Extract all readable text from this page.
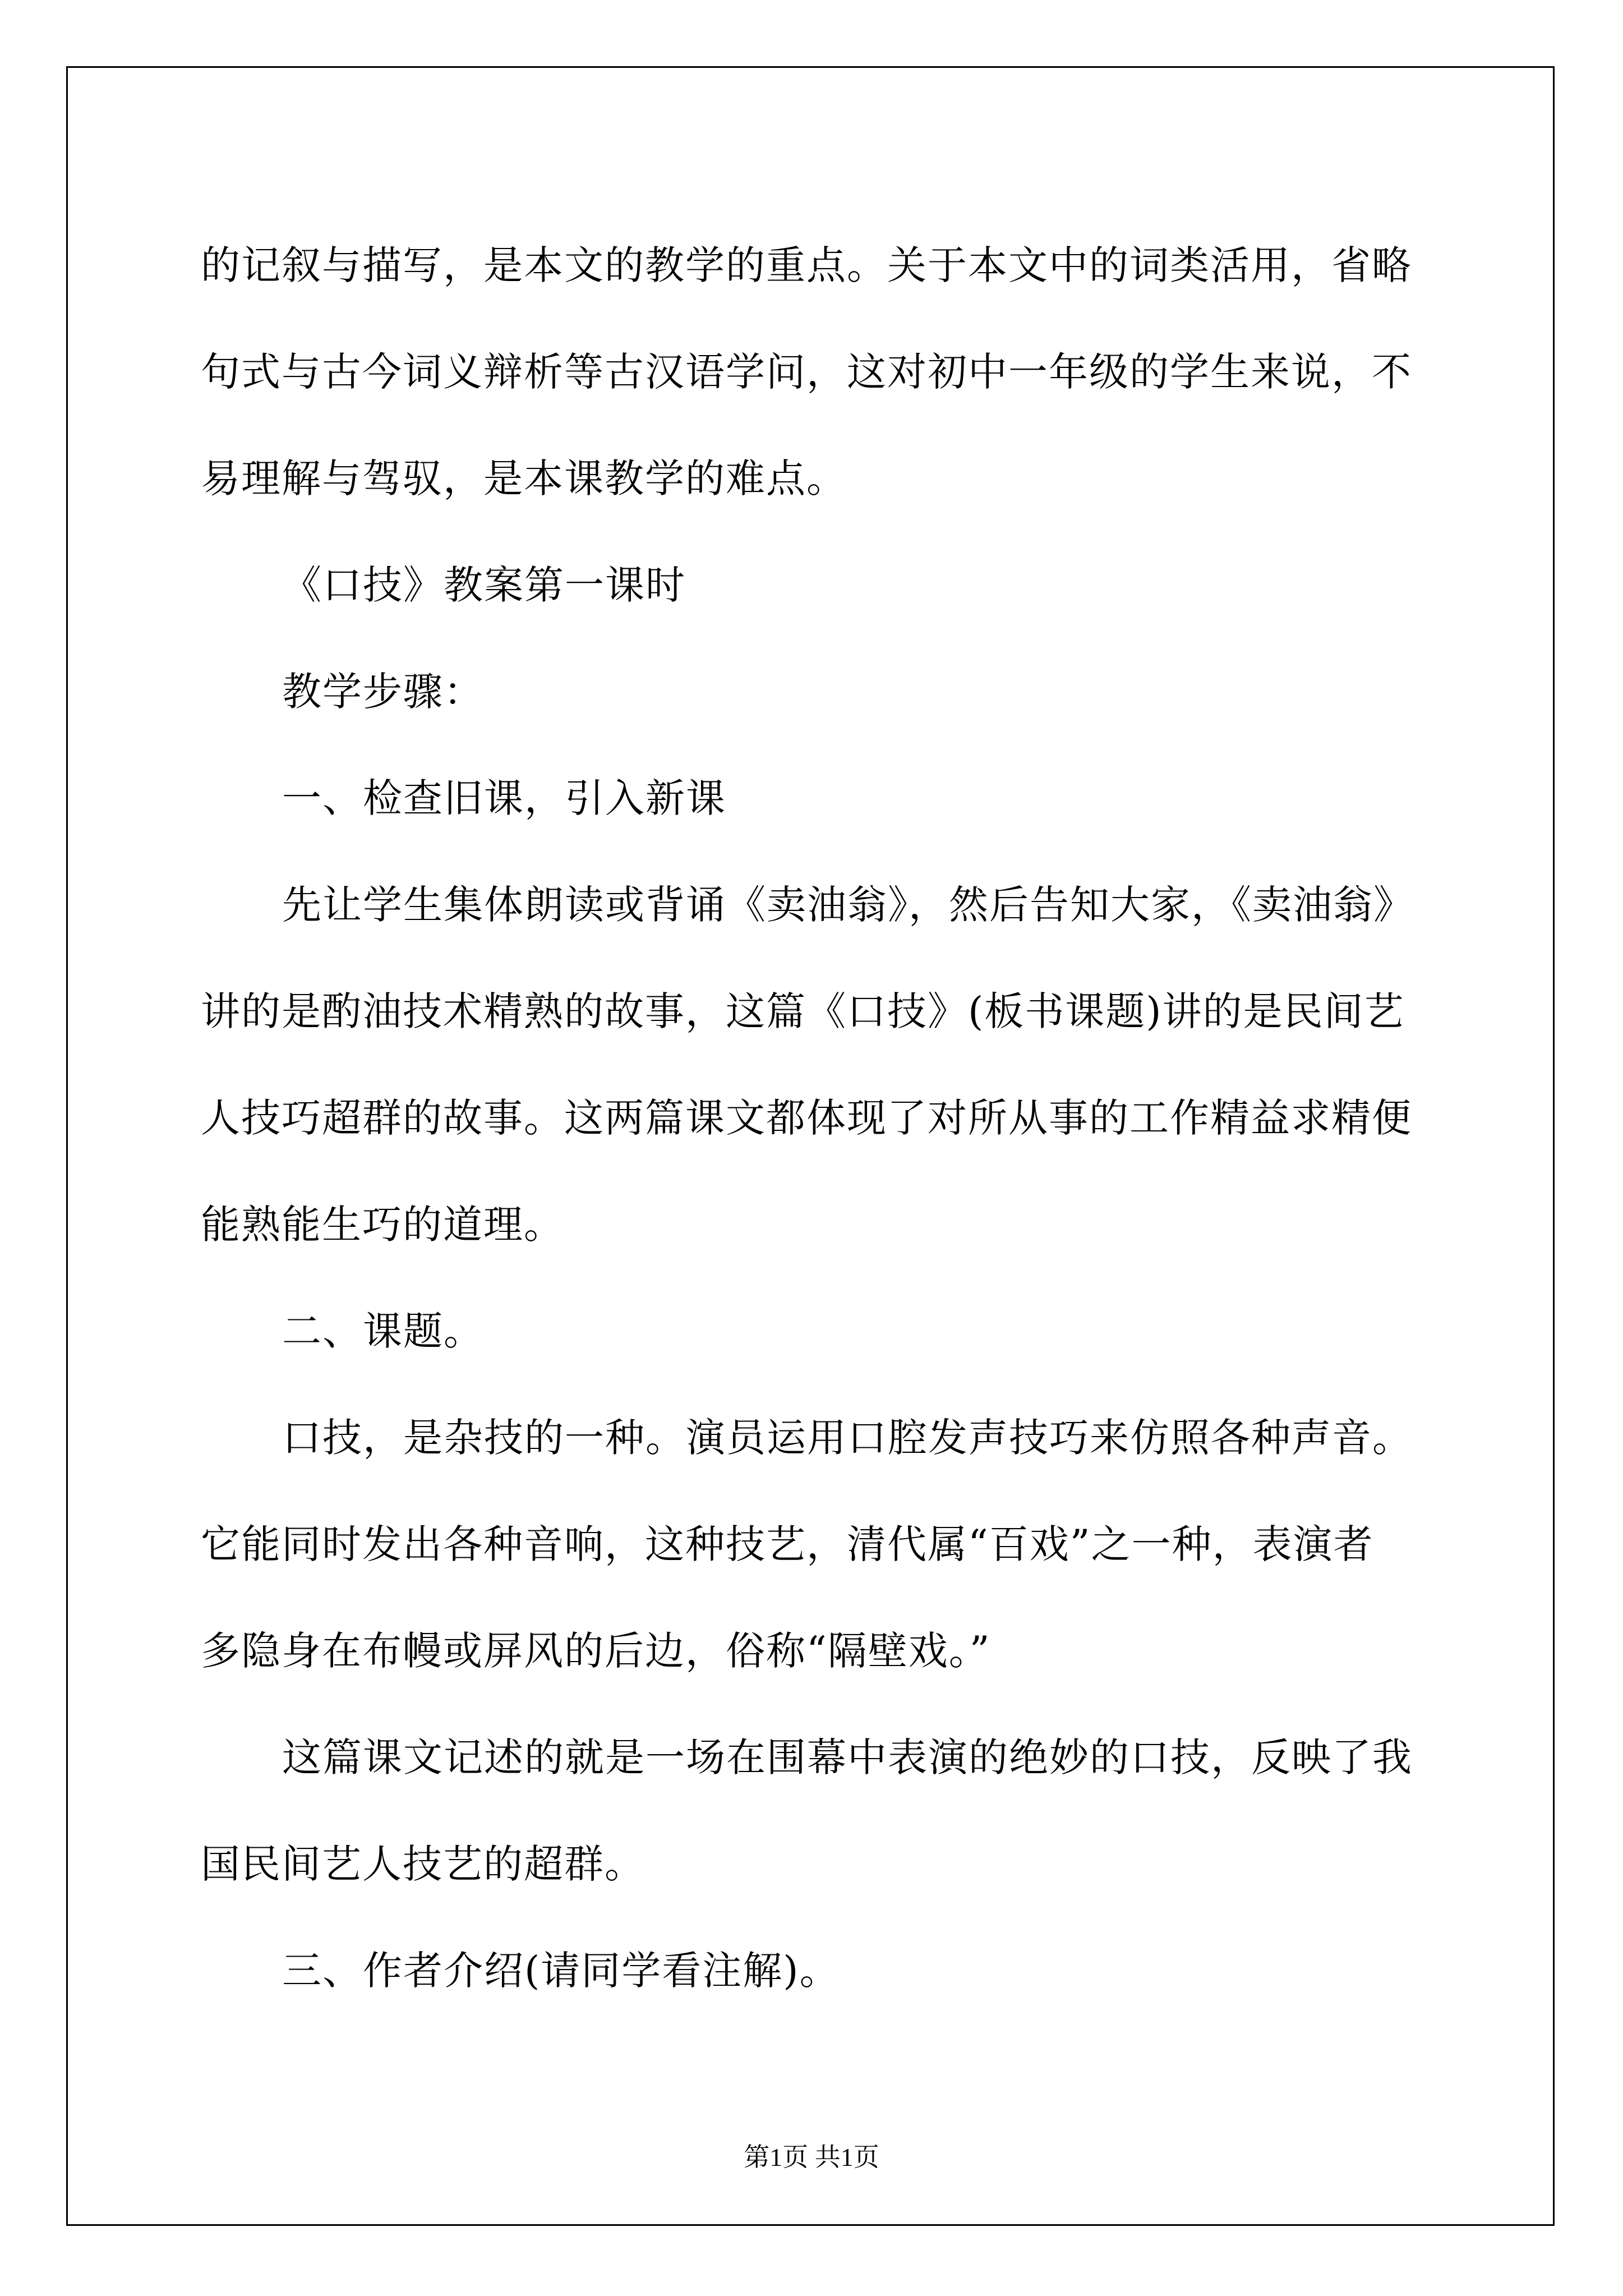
的记叙与描写，是本文的教学的重点。关于本文中的词类活用，省略

句式与古今词义辩析等古汉语学问，这对初中一年级的学生来说，不

易理解与驾驭，是本课教学的难点。

《口技》教案第一课时

教学步骤：

一、检查旧课，引入新课

先让学生集体朗读或背诵《卖油翁》，然后告知大家，《卖油翁》

讲的是酌油技术精熟的故事，这篇《口技》(板书课题)讲的是民间艺

人技巧超群的故事。这两篇课文都体现了对所从事的工作精益求精便

能熟能生巧的道理。

二、课题。

口技，是杂技的一种。演员运用口腔发声技巧来仿照各种声音。

它能同时发出各种音响，这种技艺，清代属“百戏”之一种，表演者

多隐身在布幔或屏风的后边，俗称“隔壁戏。”

这篇课文记述的就是一场在围幕中表演的绝妙的口技，反映了我

国民间艺人技艺的超群。

三、作者介绍(请同学看注解)。

第1页 共1页
